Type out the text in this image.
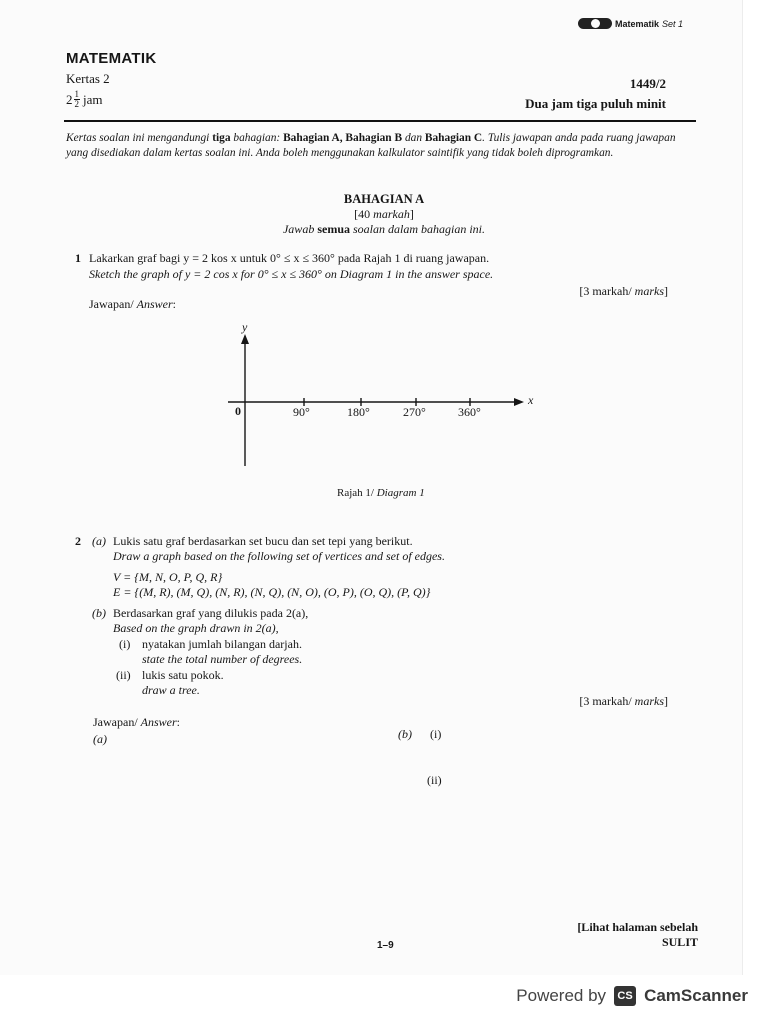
Matematik Set 1
MATEMATIK
Kertas 2
$2 \frac{1}{2}$ jam
1449/2
Dua jam tiga puluh minit
Kertas soalan ini mengandungi tiga bahagian: Bahagian A, Bahagian B dan Bahagian C. Tulis jawapan anda pada ruang jawapan yang disediakan dalam kertas soalan ini. Anda boleh menggunakan kalkulator saintifik yang tidak boleh diprogramkan.
BAHAGIAN A
[40 markah]
Jawab semua soalan dalam bahagian ini.
1 Lakarkan graf bagi y = 2 kos x untuk 0° ≤ x ≤ 360° pada Rajah 1 di ruang jawapan.
Sketch the graph of y = 2 cos x for 0° ≤ x ≤ 360° on Diagram 1 in the answer space.
[3 markah/ marks]
Jawapan/ Answer:
y
x
0	90°	180°	270°	360°
Rajah 1/ Diagram 1
2 (a) Lukis satu graf berdasarkan set bucu dan set tepi yang berikut.
Draw a graph based on the following set of vertices and set of edges.
V = {M, N, O, P, Q, R}
E = {(M, R), (M, Q), (N, R), (N, Q), (N, O), (O, P), (O, Q), (P, Q)}
(b) Berdasarkan graf yang dilukis pada 2(a),
Based on the graph drawn in 2(a),
(i) nyatakan jumlah bilangan darjah.
state the total number of degrees.
(ii) lukis satu pokok.
draw a tree.
[3 markah/ marks]
Jawapan/ Answer:
(a)	(b) (i)
(ii)
[Lihat halaman sebelah
SULIT
1–9
Powered by	CS CamScanner
